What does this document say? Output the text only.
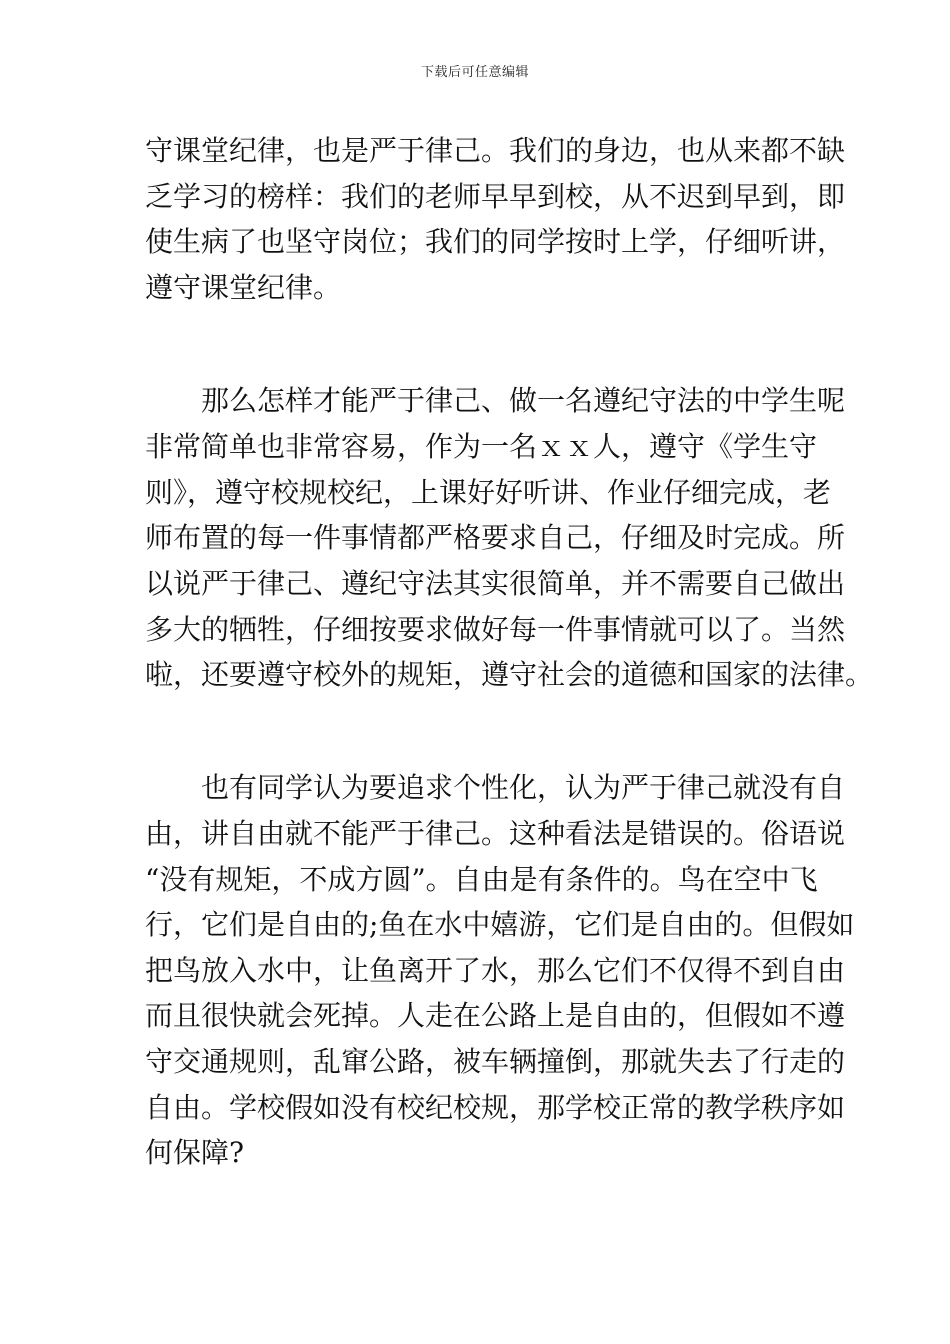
下载后可任意编辑
守课堂纪律，也是严于律己。我们的身边，也从来都不缺
乏学习的榜样：我们的老师早早到校，从不迟到早到，即
使生病了也坚守岗位；我们的同学按时上学，仔细听讲，
遵守课堂纪律。
　　那么怎样才能严于律己、做一名遵纪守法的中学生呢
非常简单也非常容易，作为一名ｘｘ人，遵守《学生守
则》，遵守校规校纪，上课好好听讲、作业仔细完成，老
师布置的每一件事情都严格要求自己，仔细及时完成。所
以说严于律己、遵纪守法其实很简单，并不需要自己做出
多大的牺牲，仔细按要求做好每一件事情就可以了。当然
啦，还要遵守校外的规矩，遵守社会的道德和国家的法律。
　　也有同学认为要追求个性化，认为严于律己就没有自
由，讲自由就不能严于律己。这种看法是错误的。俗语说
“没有规矩，不成方圆”。自由是有条件的。鸟在空中飞
行，它们是自由的;鱼在水中嬉游，它们是自由的。但假如
把鸟放入水中，让鱼离开了水，那么它们不仅得不到自由
而且很快就会死掉。人走在公路上是自由的，但假如不遵
守交通规则，乱窜公路，被车辆撞倒，那就失去了行走的
自由。学校假如没有校纪校规，那学校正常的教学秩序如
何保障?
